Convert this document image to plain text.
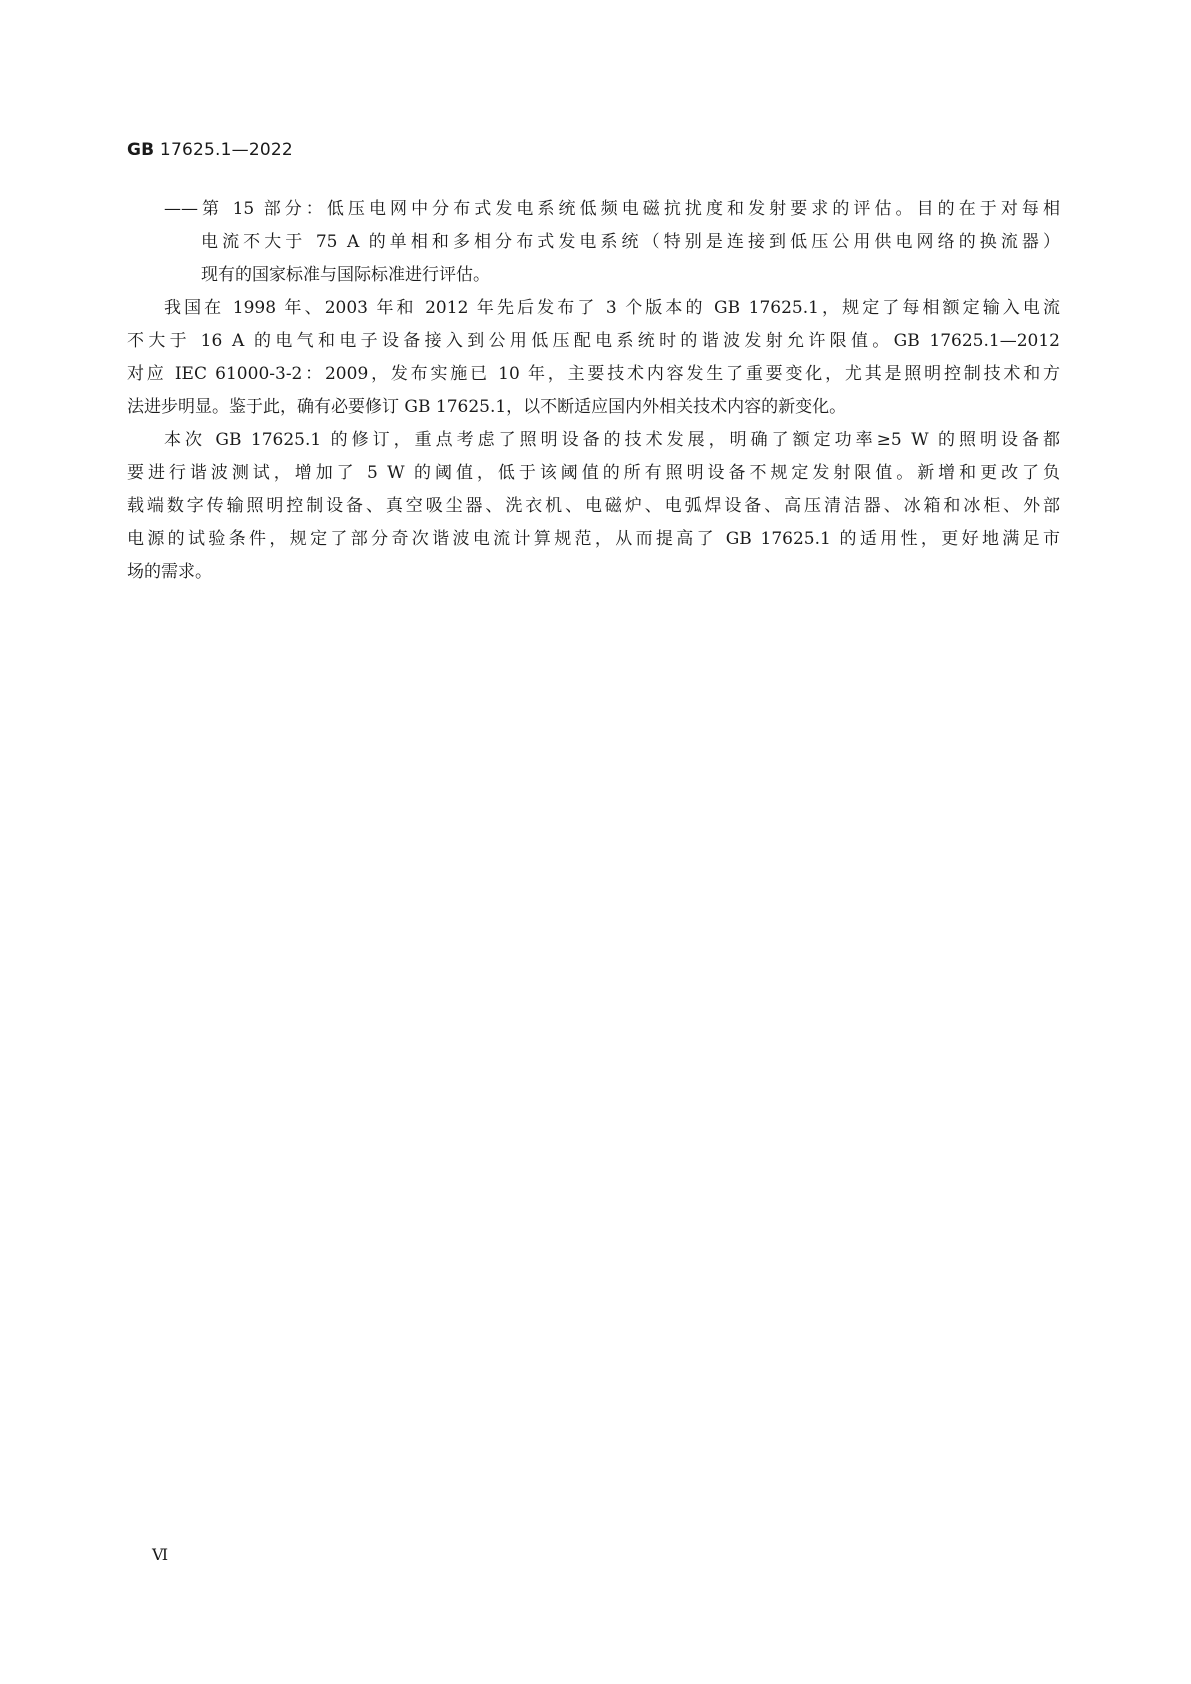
GB 17625.1—2022
——第 15 部分：低压电网中分布式发电系统低频电磁抗扰度和发射要求的评估。目的在于对每相
电流不大于 75 A 的单相和多相分布式发电系统（特别是连接到低压公用供电网络的换流器）
现有的国家标准与国际标准进行评估。
我国在 1998 年、2003 年和 2012 年先后发布了 3 个版本的 GB 17625.1，规定了每相额定输入电流
不大于 16 A 的电气和电子设备接入到公用低压配电系统时的谐波发射允许限值。GB 17625.1—2012
对应 IEC 61000-3-2：2009，发布实施已 10 年，主要技术内容发生了重要变化，尤其是照明控制技术和方
法进步明显。鉴于此，确有必要修订 GB 17625.1，以不断适应国内外相关技术内容的新变化。
本次 GB 17625.1 的修订，重点考虑了照明设备的技术发展，明确了额定功率≥5 W 的照明设备都
要进行谐波测试，增加了 5 W 的阈值，低于该阈值的所有照明设备不规定发射限值。新增和更改了负
载端数字传输照明控制设备、真空吸尘器、洗衣机、电磁炉、电弧焊设备、高压清洁器、冰箱和冰柜、外部
电源的试验条件，规定了部分奇次谐波电流计算规范，从而提高了 GB 17625.1 的适用性，更好地满足市
场的需求。
Ⅵ
